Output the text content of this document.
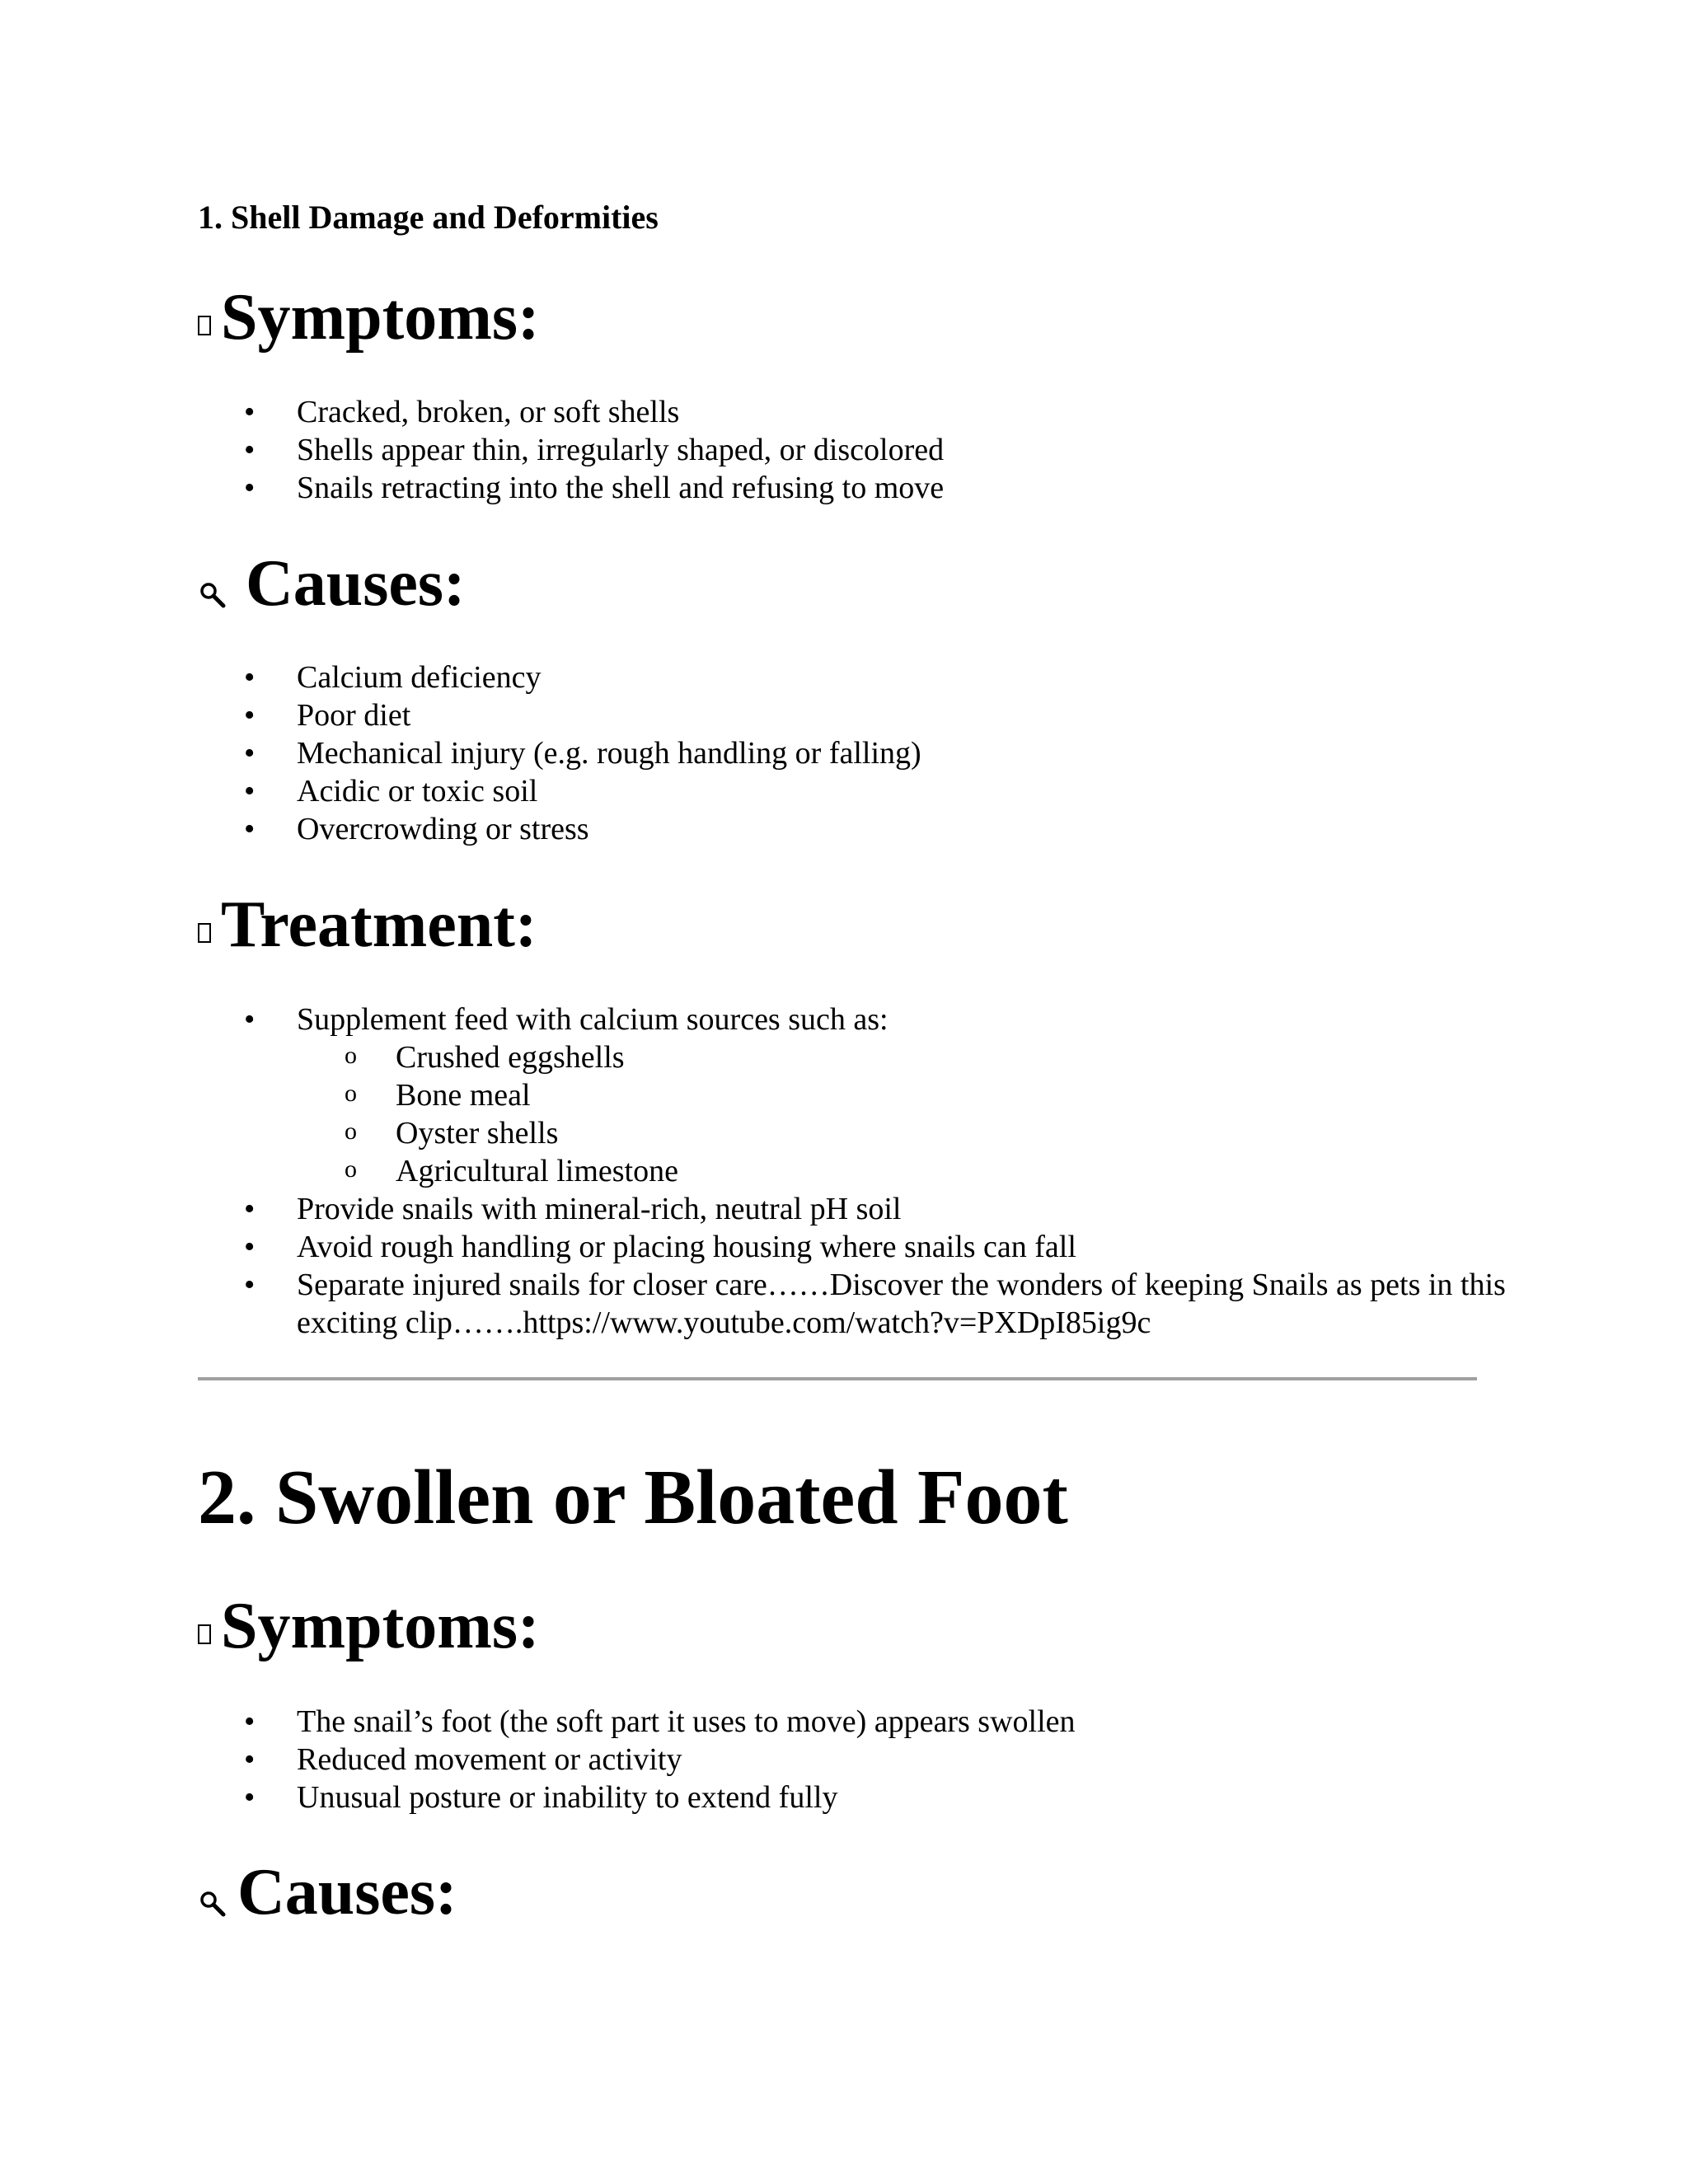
1. Shell Damage and Deformities
Symptoms:
• Cracked, broken, or soft shells
• Shells appear thin, irregularly shaped, or discolored
• Snails retracting into the shell and refusing to move
Causes:
• Calcium deficiency
• Poor diet
• Mechanical injury (e.g. rough handling or falling)
• Acidic or toxic soil
• Overcrowding or stress
Treatment:
• Supplement feed with calcium sources such as:
o Crushed eggshells
o Bone meal
o Oyster shells
o Agricultural limestone
• Provide snails with mineral-rich, neutral pH soil
• Avoid rough handling or placing housing where snails can fall
• Separate injured snails for closer care……Discover the wonders of keeping Snails as pets in this exciting clip…….https://www.youtube.com/watch?v=PXDpI85ig9c
2. Swollen or Bloated Foot
Symptoms:
• The snail’s foot (the soft part it uses to move) appears swollen
• Reduced movement or activity
• Unusual posture or inability to extend fully
Causes:
